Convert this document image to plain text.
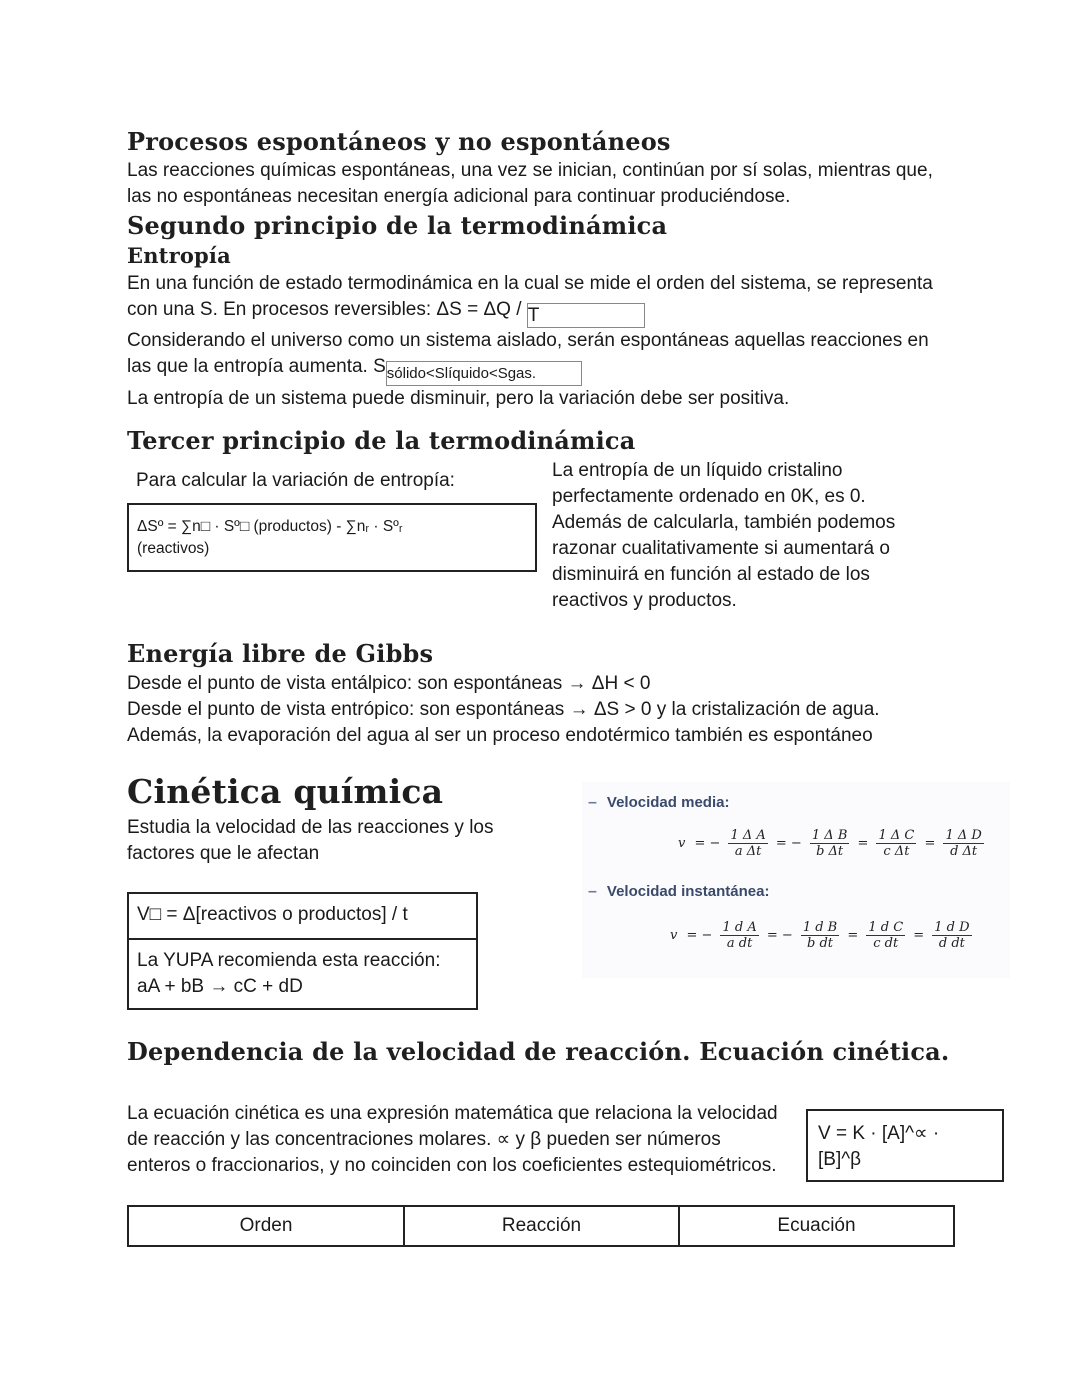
Procesos espontáneos y no espontáneos
Las reacciones químicas espontáneas, una vez se inician, continúan por sí solas, mientras que,
las no espontáneas necesitan energía adicional para continuar produciéndose.
Segundo principio de la termodinámica
Entropía
En una función de estado termodinámica en la cual se mide el orden del sistema, se representa
con una S. En procesos reversibles: ΔS = ΔQ / T
Considerando el universo como un sistema aislado, serán espontáneas aquellas reacciones en
las que la entropía aumenta. Ssólido<Slíquido<Sgas.
La entropía de un sistema puede disminuir, pero la variación debe ser positiva.
Tercer principio de la termodinámica
Para calcular la variación de entropía:
ΔSº = ∑n□ · Sº□ (productos) - ∑nᵣ · Sºᵣ
(reactivos)
La entropía de un líquido cristalino
perfectamente ordenado en 0K, es 0.
Además de calcularla, también podemos
razonar cualitativamente si aumentará o
disminuirá en función al estado de los
reactivos y productos.
Energía libre de Gibbs
Desde el punto de vista entálpico: son espontáneas → ΔH < 0
Desde el punto de vista entrópico: son espontáneas → ΔS > 0 y la cristalización de agua.
Además, la evaporación del agua al ser un proceso endotérmico también es espontáneo
Cinética química
Estudia la velocidad de las reacciones y los
factores que le afectan
V□ = Δ[reactivos o productos] / t
La YUPA recomienda esta reacción:
aA + bB → cC + dD
– Velocidad media:
v = − $\frac{\text{1 Δ A}}{\text{a Δt}}$ = − $\frac{\text{1 Δ B}}{\text{b Δt}} = \frac{\text{1 Δ C}}{\text{c Δt}} = \frac{\text{1 Δ D}}{\text{d Δt}}$
– Velocidad instantánea:
v = − $\frac{\text{1 d A}}{\text{a dt}}$ = − $\frac{\text{1 d B}}{\text{b dt}} = \frac{\text{1 d C}}{\text{c dt}} = \frac{\text{1 d D}}{\text{d dt}}$
Dependencia de la velocidad de reacción. Ecuación cinética.
La ecuación cinética es una expresión matemática que relaciona la velocidad
de reacción y las concentraciones molares. ∝ y β pueden ser números
enteros o fraccionarios, y no coinciden con los coeficientes estequiométricos.
V = K · [A]^∝ ·
[B]^β
Orden	Reacción	Ecuación
